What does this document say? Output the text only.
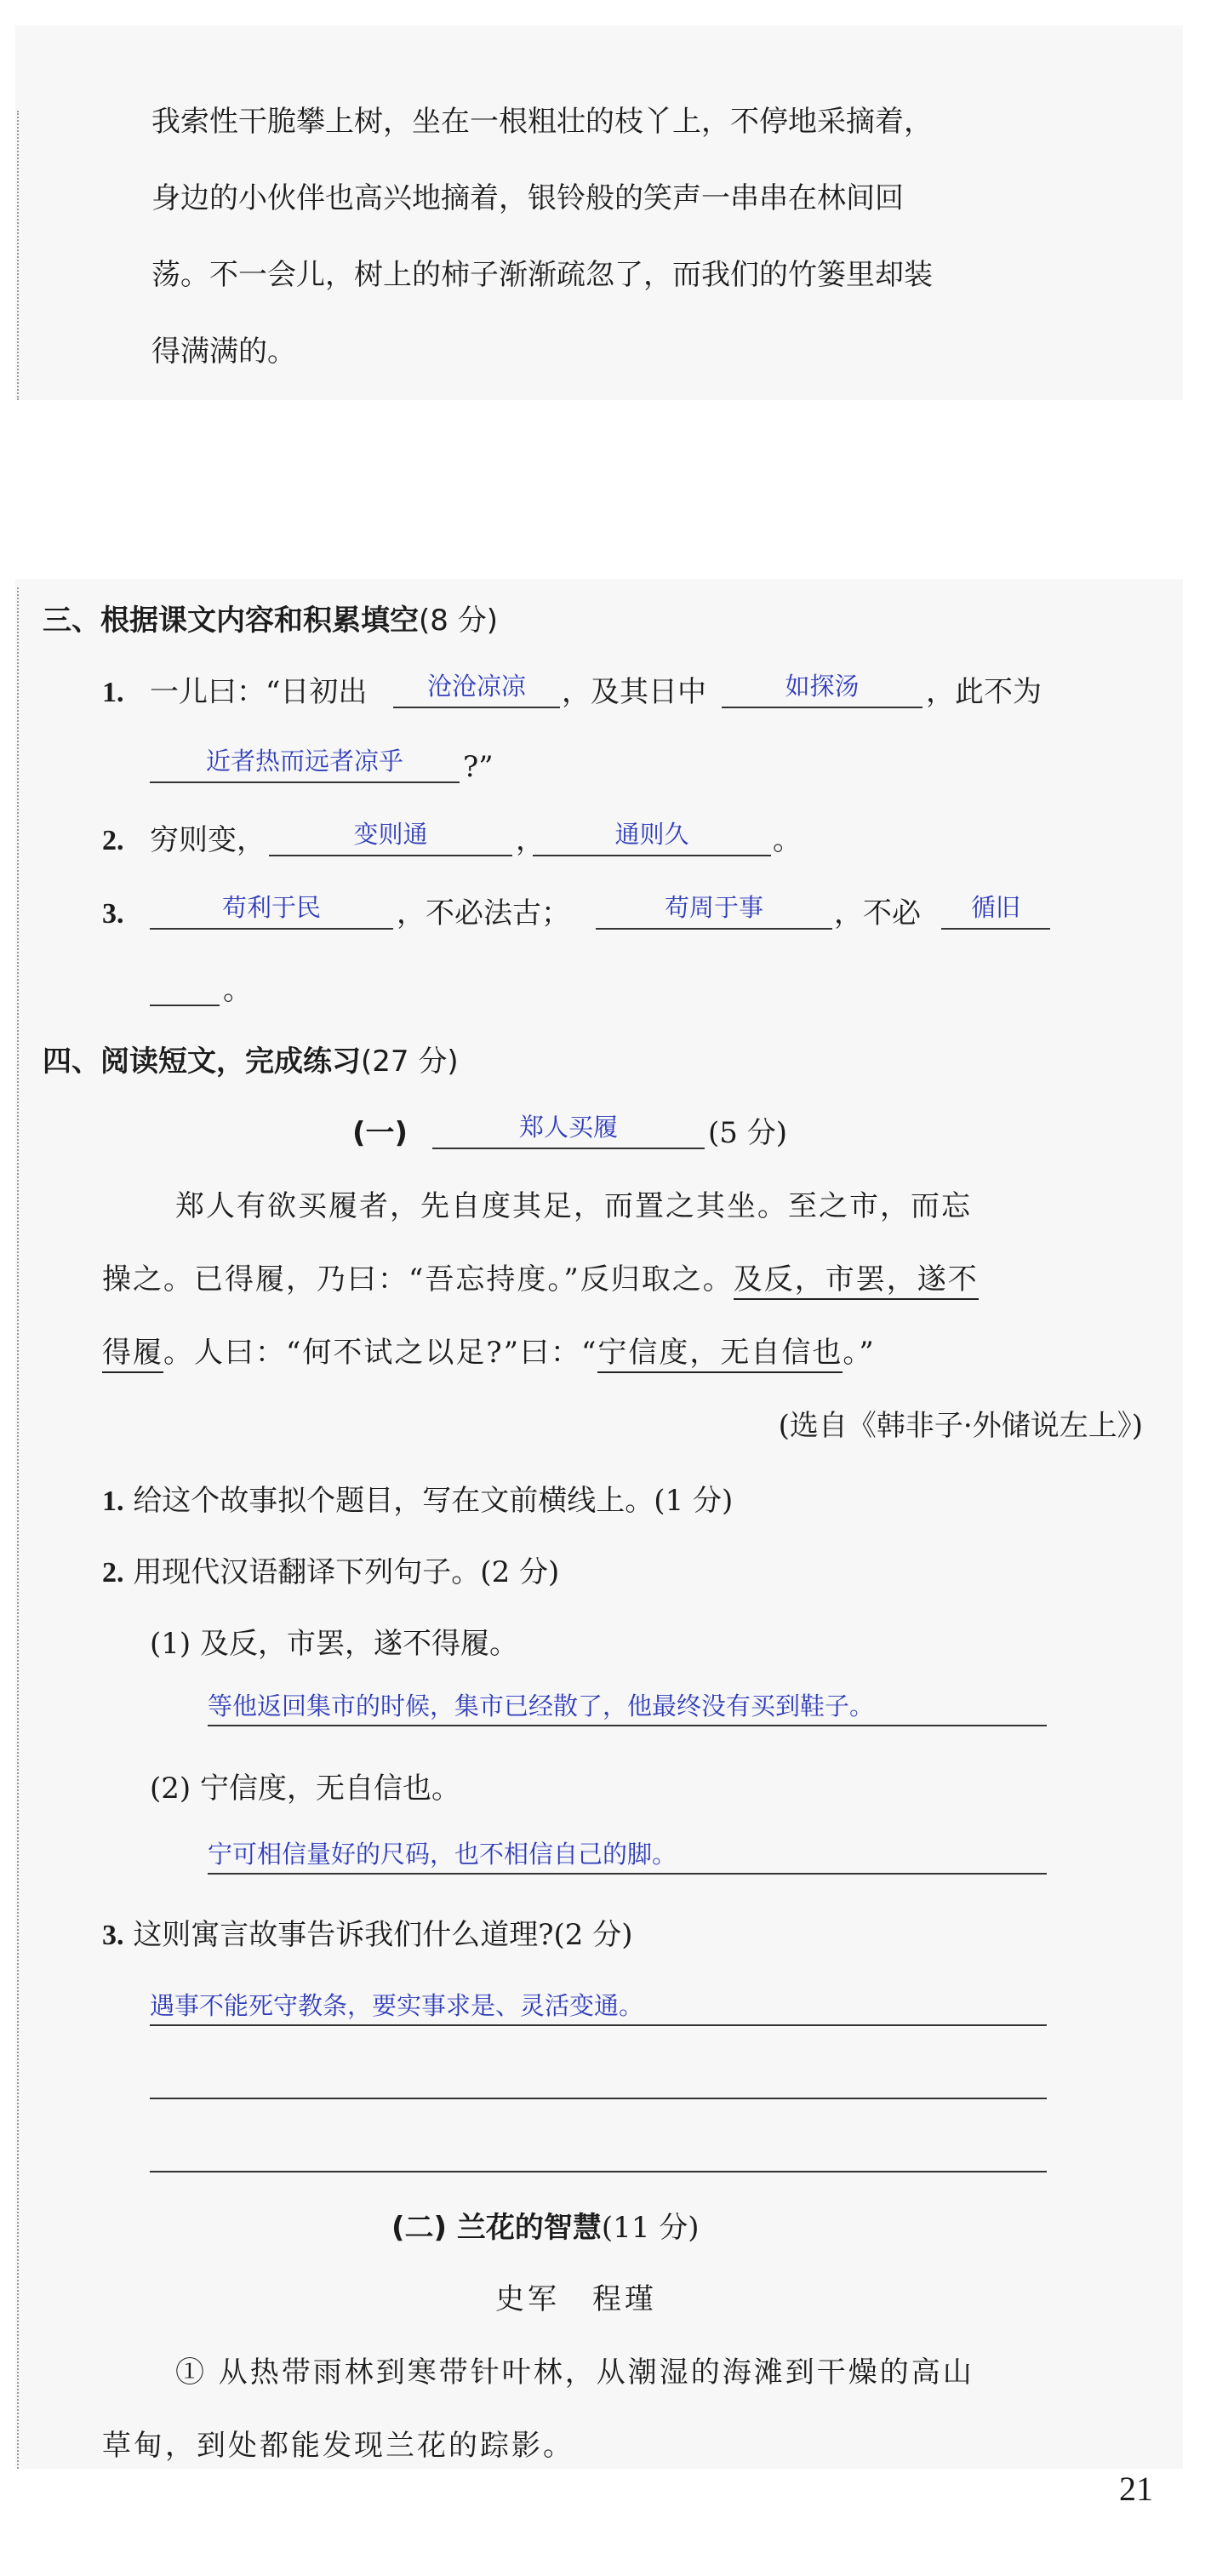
我索性干脆攀上树，坐在一根粗壮的枝丫上，不停地采摘着，
身边的小伙伴也高兴地摘着，银铃般的笑声一串串在林间回
荡。不一会儿，树上的柿子渐渐疏忽了，而我们的竹篓里却装
得满满的。
三、根据课文内容和积累填空(8 分)
1. 一儿曰：“日初出	沧沧凉凉	，及其日中	如探汤	，此不为
近者热而远者凉乎	?”
2. 穷则变，	变则通	，	通则久	。
3.	苟利于民	，不必法古；	苟周于事	，不必	循旧
。
四、阅读短文，完成练习(27 分)
(一)	郑人买履	(5 分)
郑人有欲买履者，先自度其足，而置之其坐。至之市，而忘
操之。已得履，乃曰：“吾忘持度。”反归取之。及反，市罢，遂不
得履。人曰：“何不试之以足?”曰：“宁信度，无自信也。”
(选自《韩非子·外储说左上》)
1. 给这个故事拟个题目，写在文前横线上。(1 分)
2. 用现代汉语翻译下列句子。(2 分)
(1) 及反，市罢，遂不得履。
等他返回集市的时候，集市已经散了，他最终没有买到鞋子。
(2) 宁信度，无自信也。
宁可相信量好的尺码，也不相信自己的脚。
3. 这则寓言故事告诉我们什么道理?(2 分)
遇事不能死守教条，要实事求是、灵活变通。
(二) 兰花的智慧(11 分)
史军　程瑾
① 从热带雨林到寒带针叶林，从潮湿的海滩到干燥的高山
草甸，到处都能发现兰花的踪影。
21
